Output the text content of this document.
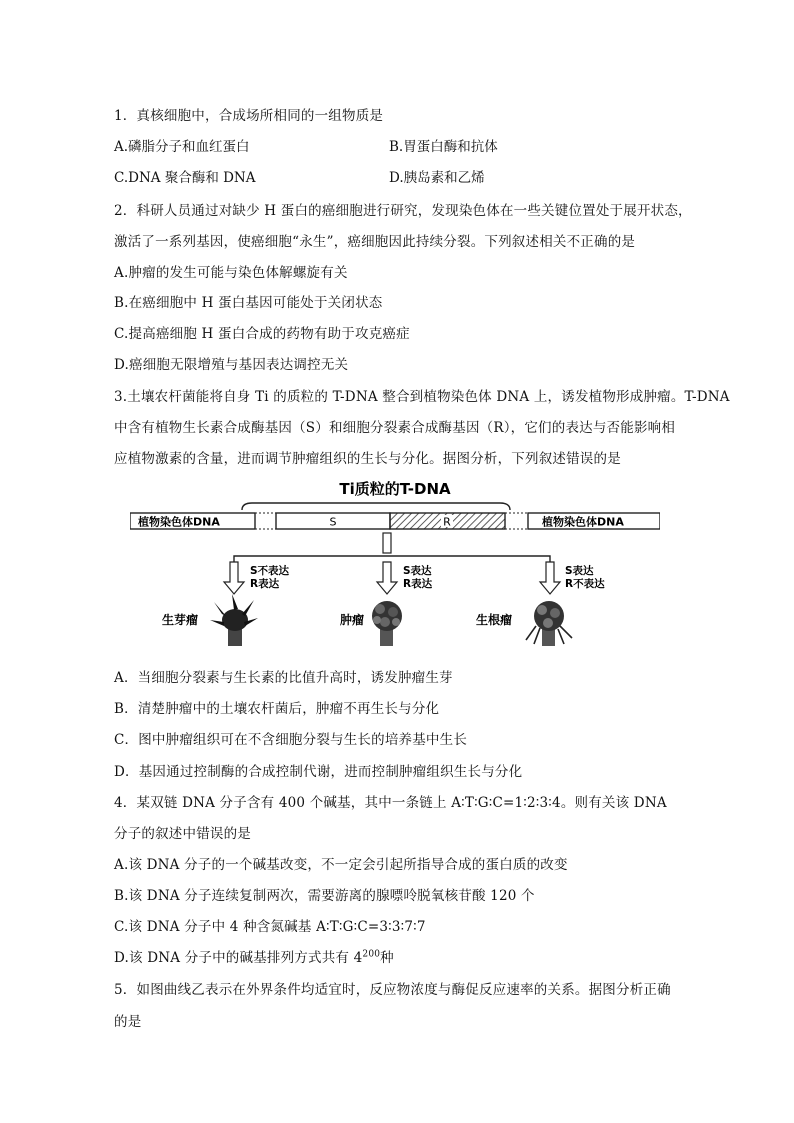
1．真核细胞中，合成场所相同的一组物质是
A.磷脂分子和血红蛋白	B.胃蛋白酶和抗体
C.DNA 聚合酶和 DNA	D.胰岛素和乙烯
2．科研人员通过对缺少 H 蛋白的癌细胞进行研究，发现染色体在一些关键位置处于展开状态，
激活了一系列基因，使癌细胞“永生”，癌细胞因此持续分裂。下列叙述相关不正确的是
A.肿瘤的发生可能与染色体解螺旋有关
B.在癌细胞中 H 蛋白基因可能处于关闭状态
C.提高癌细胞 H 蛋白合成的药物有助于攻克癌症
D.癌细胞无限增殖与基因表达调控无关
3.土壤农杆菌能将自身 Ti 的质粒的 T-DNA 整合到植物染色体 DNA 上，诱发植物形成肿瘤。T-DNA
中含有植物生长素合成酶基因（S）和细胞分裂素合成酶基因（R），它们的表达与否能影响相
应植物激素的含量，进而调节肿瘤组织的生长与分化。据图分析，下列叙述错误的是
Ti质粒的T-DNA
植物染色体DNA	植物染色体DNA
S	R
S不表达
R表达
S表达
R表达
S表达
R不表达
生芽瘤	肿瘤	生根瘤
A．当细胞分裂素与生长素的比值升高时，诱发肿瘤生芽
B．清楚肿瘤中的土壤农杆菌后，肿瘤不再生长与分化
C．图中肿瘤组织可在不含细胞分裂与生长的培养基中生长
D．基因通过控制酶的合成控制代谢，进而控制肿瘤组织生长与分化
4．某双链 DNA 分子含有 400 个碱基，其中一条链上 A∶T∶G∶C=1∶2∶3∶4。则有关该 DNA
分子的叙述中错误的是
A.该 DNA 分子的一个碱基改变，不一定会引起所指导合成的蛋白质的改变
B.该 DNA 分子连续复制两次，需要游离的腺嘌呤脱氧核苷酸 120 个
C.该 DNA 分子中 4 种含氮碱基 A∶T∶G∶C=3∶3∶7∶7
D.该 DNA 分子中的碱基排列方式共有 $4^{200}$种
5．如图曲线乙表示在外界条件均适宜时，反应物浓度与酶促反应速率的关系。据图分析正确
的是
